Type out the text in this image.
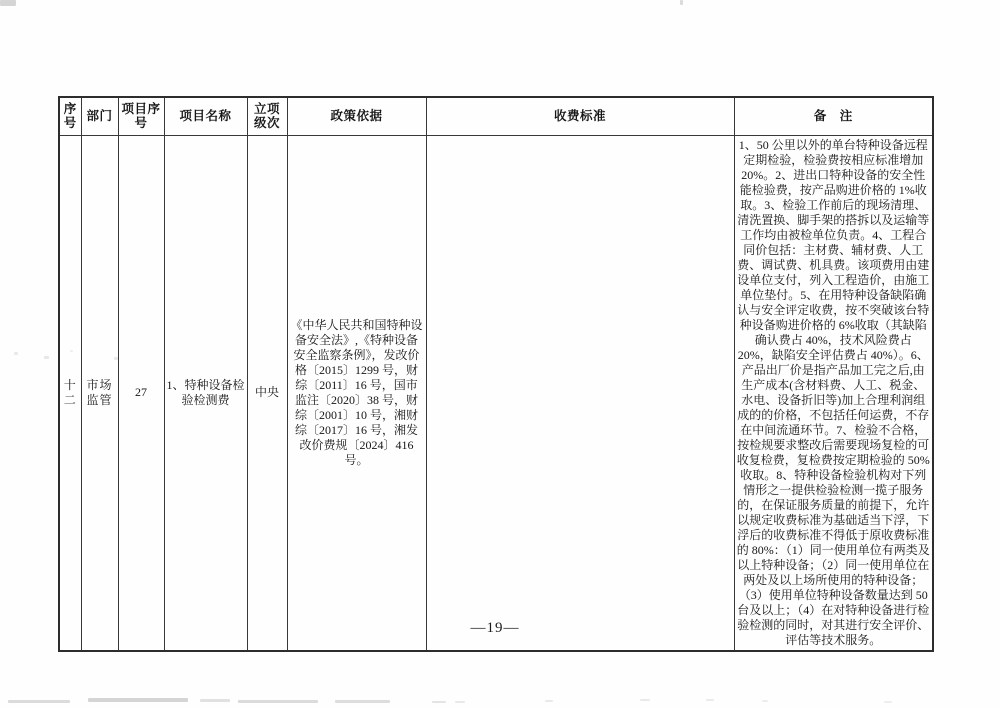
序号	部门	项目序号	项目名称	立项级次	政策依据	收费标准	备　注
十二	市场监管	27	1、特种设备检验检测费	中央	《中华人民共和国特种设备安全法》,《特种设备安全监察条例》，发改价格〔2015〕1299 号，财综〔2011〕16 号，国市监注〔2020〕38 号，财综〔2001〕10 号，湘财综〔2017〕16 号，湘发改价费规〔2024〕416 号。		1、50 公里以外的单台特种设备远程定期检验，检验费按相应标准增加 20%。2、进出口特种设备的安全性能检验费，按产品购进价格的 1%收取。3、检验工作前后的现场清理、清洗置换、脚手架的搭拆以及运输等工作均由被检单位负责。4、工程合同价包括：主材费、辅材费、人工费、调试费、机具费。该项费用由建设单位支付，列入工程造价，由施工单位垫付。5、在用特种设备缺陷确认与安全评定收费，按不突破该台特种设备购进价格的 6%收取（其缺陷确认费占 40%，技术风险费占 20%，缺陷安全评估费占 40%）。6、产品出厂价是指产品加工完之后,由生产成本(含材料费、人工、税金、水电、设备折旧等)加上合理利润组成的的价格，不包括任何运费，不存在中间流通环节。7、检验不合格，按检规要求整改后需要现场复检的可收复检费，复检费按定期检验的 50%收取。8、特种设备检验机构对下列情形之一提供检验检测一揽子服务的，在保证服务质量的前提下，允许以规定收费标准为基础适当下浮，下浮后的收费标准不得低于原收费标准的 80%：（1）同一使用单位有两类及以上特种设备；（2）同一使用单位在两处及以上场所使用的特种设备；（3）使用单位特种设备数量达到 50 台及以上；（4）在对特种设备进行检验检测的同时，对其进行安全评价、评估等技术服务。
—19—
